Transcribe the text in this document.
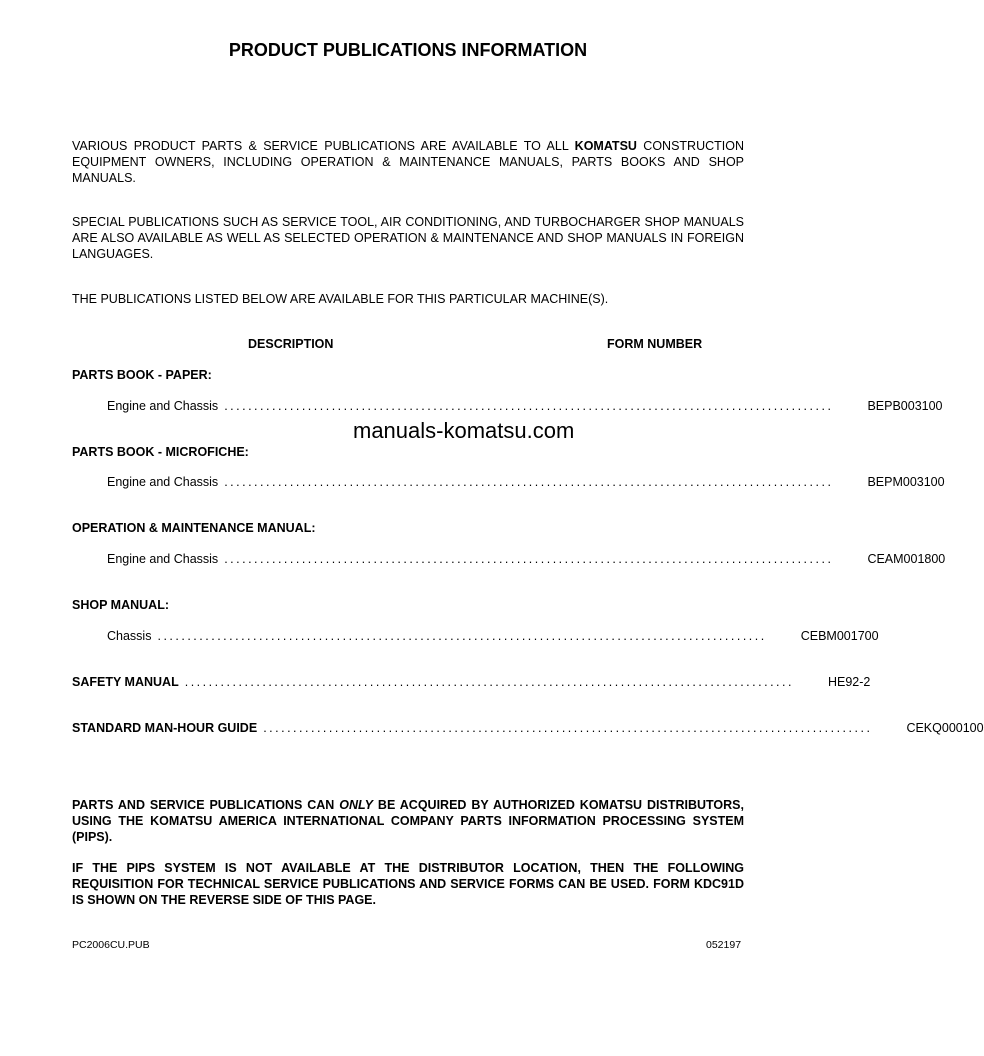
PRODUCT PUBLICATIONS INFORMATION
VARIOUS PRODUCT PARTS & SERVICE PUBLICATIONS ARE AVAILABLE TO ALL KOMATSU CONSTRUCTION EQUIPMENT OWNERS, INCLUDING OPERATION & MAINTENANCE MANUALS, PARTS BOOKS AND SHOP MANUALS.
SPECIAL PUBLICATIONS SUCH AS SERVICE TOOL, AIR CONDITIONING, AND TURBOCHARGER SHOP MANUALS ARE ALSO AVAILABLE AS WELL AS SELECTED OPERATION & MAINTENANCE AND SHOP MANUALS IN FOREIGN LANGUAGES.
THE PUBLICATIONS LISTED BELOW ARE AVAILABLE FOR THIS PARTICULAR MACHINE(S).
DESCRIPTION	FORM NUMBER
PARTS BOOK - PAPER:
Engine and Chassis ......................................................................................................	BEPB003100
manuals-komatsu.com
PARTS BOOK - MICROFICHE:
Engine and Chassis ......................................................................................................	BEPM003100
OPERATION & MAINTENANCE MANUAL:
Engine and Chassis ......................................................................................................	CEAM001800
SHOP MANUAL:
Chassis ......................................................................................................	CEBM001700
SAFETY MANUAL ......................................................................................................	HE92-2
STANDARD MAN-HOUR GUIDE ......................................................................................................	CEKQ000100
PARTS AND SERVICE PUBLICATIONS CAN ONLY BE ACQUIRED BY AUTHORIZED KOMATSU DISTRIBUTORS, USING THE KOMATSU AMERICA INTERNATIONAL COMPANY PARTS INFORMATION PROCESSING SYSTEM (PIPS).
IF THE PIPS SYSTEM IS NOT AVAILABLE AT THE DISTRIBUTOR LOCATION, THEN THE FOLLOWING REQUISITION FOR TECHNICAL SERVICE PUBLICATIONS AND SERVICE FORMS CAN BE USED. FORM KDC91D IS SHOWN ON THE REVERSE SIDE OF THIS PAGE.
PC2006CU.PUB	052197
